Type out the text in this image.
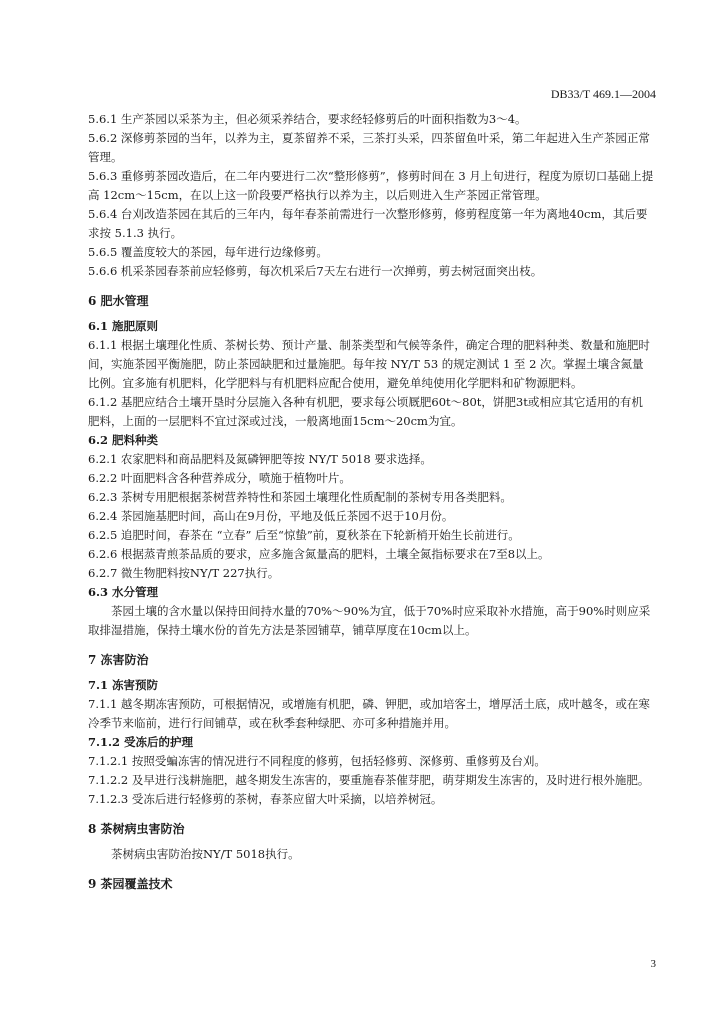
DB33/T 469.1—2004

5.6.1 生产茶园以采茶为主，但必须采养结合，要求经轻修剪后的叶面积指数为3～4。

5.6.2 深修剪茶园的当年，以养为主，夏茶留养不采，三茶打头采，四茶留鱼叶采，第二年起进入生产茶园正常管理。

5.6.3 重修剪茶园改造后，在二年内要进行二次“整形修剪”，修剪时间在 3 月上旬进行，程度为原切口基础上提高 12cm～15cm，在以上这一阶段要严格执行以养为主，以后则进入生产茶园正常管理。

5.6.4 台刈改造茶园在其后的三年内，每年春茶前需进行一次整形修剪，修剪程度第一年为离地40cm，其后要求按 5.1.3 执行。

5.6.5 覆盖度较大的茶园，每年进行边缘修剪。

5.6.6 机采茶园春茶前应轻修剪，每次机采后7天左右进行一次掸剪，剪去树冠面突出枝。

6 肥水管理

6.1 施肥原则

6.1.1 根据土壤理化性质、茶树长势、预计产量、制茶类型和气候等条件，确定合理的肥料种类、数量和施肥时间，实施茶园平衡施肥，防止茶园缺肥和过量施肥。每年按 NY/T 53 的规定测试 1 至 2 次。掌握土壤含氮量比例。宜多施有机肥料，化学肥料与有机肥料应配合使用，避免单纯使用化学肥料和矿物源肥料。

6.1.2 基肥应结合土壤开垦时分层施入各种有机肥，要求每公顷厩肥60t～80t，饼肥3t或相应其它适用的有机肥料，上面的一层肥料不宜过深或过浅，一般离地面15cm～20cm为宜。

6.2 肥料种类

6.2.1 农家肥料和商品肥料及氮磷钾肥等按 NY/T 5018 要求选择。

6.2.2 叶面肥料含各种营养成分，喷施于植物叶片。

6.2.3 茶树专用肥根据茶树营养特性和茶园土壤理化性质配制的茶树专用各类肥料。

6.2.4 茶园施基肥时间，高山在9月份，平地及低丘茶园不迟于10月份。

6.2.5 追肥时间，春茶在 “立春” 后至“惊蛰”前，夏秋茶在下轮新梢开始生长前进行。

6.2.6 根据蒸青煎茶品质的要求，应多施含氮量高的肥料，土壤全氮指标要求在7至8以上。

6.2.7 微生物肥料按NY/T 227执行。

6.3 水分管理

茶园土壤的含水量以保持田间持水量的70%～90%为宜，低于70%时应采取补水措施，高于90%时则应采取排湿措施，保持土壤水份的首先方法是茶园铺草，铺草厚度在10cm以上。

7 冻害防治

7.1 冻害预防

7.1.1 越冬期冻害预防，可根据情况，或增施有机肥，磷、钾肥，或加培客土，增厚活土底，成叶越冬，或在寒冷季节来临前，进行行间铺草，或在秋季套种绿肥、亦可多种措施并用。

7.1.2 受冻后的护理

7.1.2.1 按照受蝙冻害的情况进行不同程度的修剪，包括轻修剪、深修剪、重修剪及台刈。

7.1.2.2 及早进行浅耕施肥，越冬期发生冻害的，要重施春茶催芽肥，萌芽期发生冻害的，及时进行根外施肥。

7.1.2.3 受冻后进行轻修剪的茶树，春茶应留大叶采摘，以培养树冠。

8 茶树病虫害防治

茶树病虫害防治按NY/T 5018执行。

9 茶园覆盖技术

3
